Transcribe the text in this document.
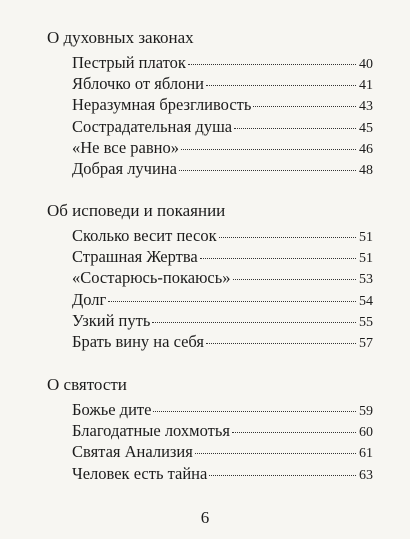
О духовных законах
Пестрый платок	40
Яблочко от яблони	41
Неразумная брезгливость	43
Сострадательная душа	45
«Не все равно»	46
Добрая лучина	48
Об исповеди и покаянии
Сколько весит песок	51
Страшная Жертва	51
«Состарюсь-покаюсь»	53
Долг	54
Узкий путь	55
Брать вину на себя	57
О святости
Божье дите	59
Благодатные лохмотья	60
Святая Анализия	61
Человек есть тайна	63
6
